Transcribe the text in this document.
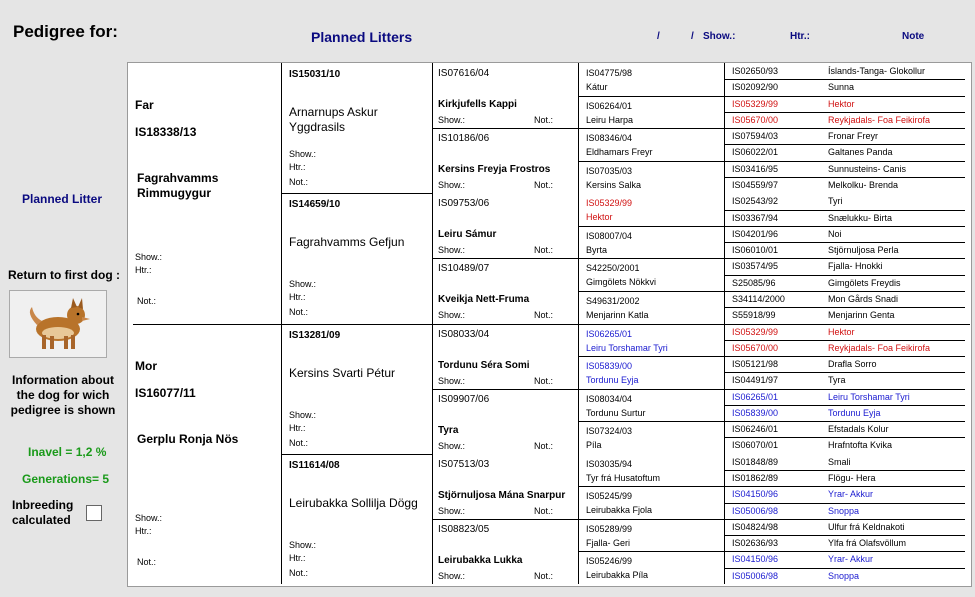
Pedigree for:	Planned Litters	/	/ Show.:	Htr.:	Note
Planned Litter
Return to first dog :
Information about the dog for wich pedigree is shown
Inavel = 1,2 %
Generations= 5
Inbreeding calculated
Far
IS18338/13
Fagrahvamms Rimmugygur
Show.:
Htr.:
Not.:
Mor
IS16077/11
Gerplu Ronja Nös
Show.:
Htr.:
Not.:
IS15031/10
Arnarnups Askur Yggdrasils
Show.:
Htr.:
Not.:
IS14659/10
Fagrahvamms Gefjun
Show.:
Htr.:
Not.:
IS13281/09
Kersins Svarti Pétur
Show.:
Htr.:
Not.:
IS11614/08
Leirubakka Sollilja Dögg
Show.:
Htr.:
Not.:
IS07616/04
Kirkjufells Kappi
Show.:	Not.:
IS10186/06
Kersins Freyja Frostros
Show.:	Not.:
IS09753/06
Leiru Sámur
Show.:	Not.:
IS10489/07
Kveikja Nett-Fruma
Show.:	Not.:
IS08033/04
Tordunu Séra Somi
Show.:	Not.:
IS09907/06
Tyra
Show.:	Not.:
IS07513/03
Stjörnuljosa Mána Snarpur
Show.:	Not.:
IS08823/05
Leirubakka Lukka
Show.:	Not.:
IS04775/98
Kátur
IS06264/01
Leiru Harpa
IS08346/04
Eldhamars Freyr
IS07035/03
Kersins Salka
IS05329/99
Hektor
IS08007/04
Byrta
S42250/2001
Gimgölets Nökkvi
S49631/2002
Menjarinn Katla
IS06265/01
Leiru Torshamar Tyri
IS05839/00
Tordunu Eyja
IS08034/04
Tordunu Surtur
IS07324/03
Píla
IS03035/94
Tyr frá Husatoftum
IS05245/99
Leirubakka Fjola
IS05289/99
Fjalla- Geri
IS05246/99
Leirubakka Píla
IS02650/93	Íslands-Tanga- Glokollur
IS02092/90	Sunna
IS05329/99	Hektor
IS05670/00	Reykjadals- Foa Feikirofa
IS07594/03	Fronar Freyr
IS06022/01	Galtanes Panda
IS03416/95	Sunnusteins- Canis
IS04559/97	Melkolku- Brenda
IS02543/92	Tyri
IS03367/94	Snælukku- Birta
IS04201/96	Noi
IS06010/01	Stjörnuljosa Perla
IS03574/95	Fjalla- Hnokki
S25085/96	Gimgölets Freydis
S34114/2000	Mon Gårds Snadi
S55918/99	Menjarinn Genta
IS05329/99	Hektor
IS05670/00	Reykjadals- Foa Feikirofa
IS05121/98	Drafla Sorro
IS04491/97	Tyra
IS06265/01	Leiru Torshamar Tyri
IS05839/00	Tordunu Eyja
IS06246/01	Efstadals Kolur
IS06070/01	Hrafntofta Kvika
IS01848/89	Smali
IS01862/89	Flögu- Hera
IS04150/96	Yrar- Akkur
IS05006/98	Snoppa
IS04824/98	Ulfur frá Keldnakoti
IS02636/93	Ylfa frá Olafsvöllum
IS04150/96	Yrar- Akkur
IS05006/98	Snoppa
